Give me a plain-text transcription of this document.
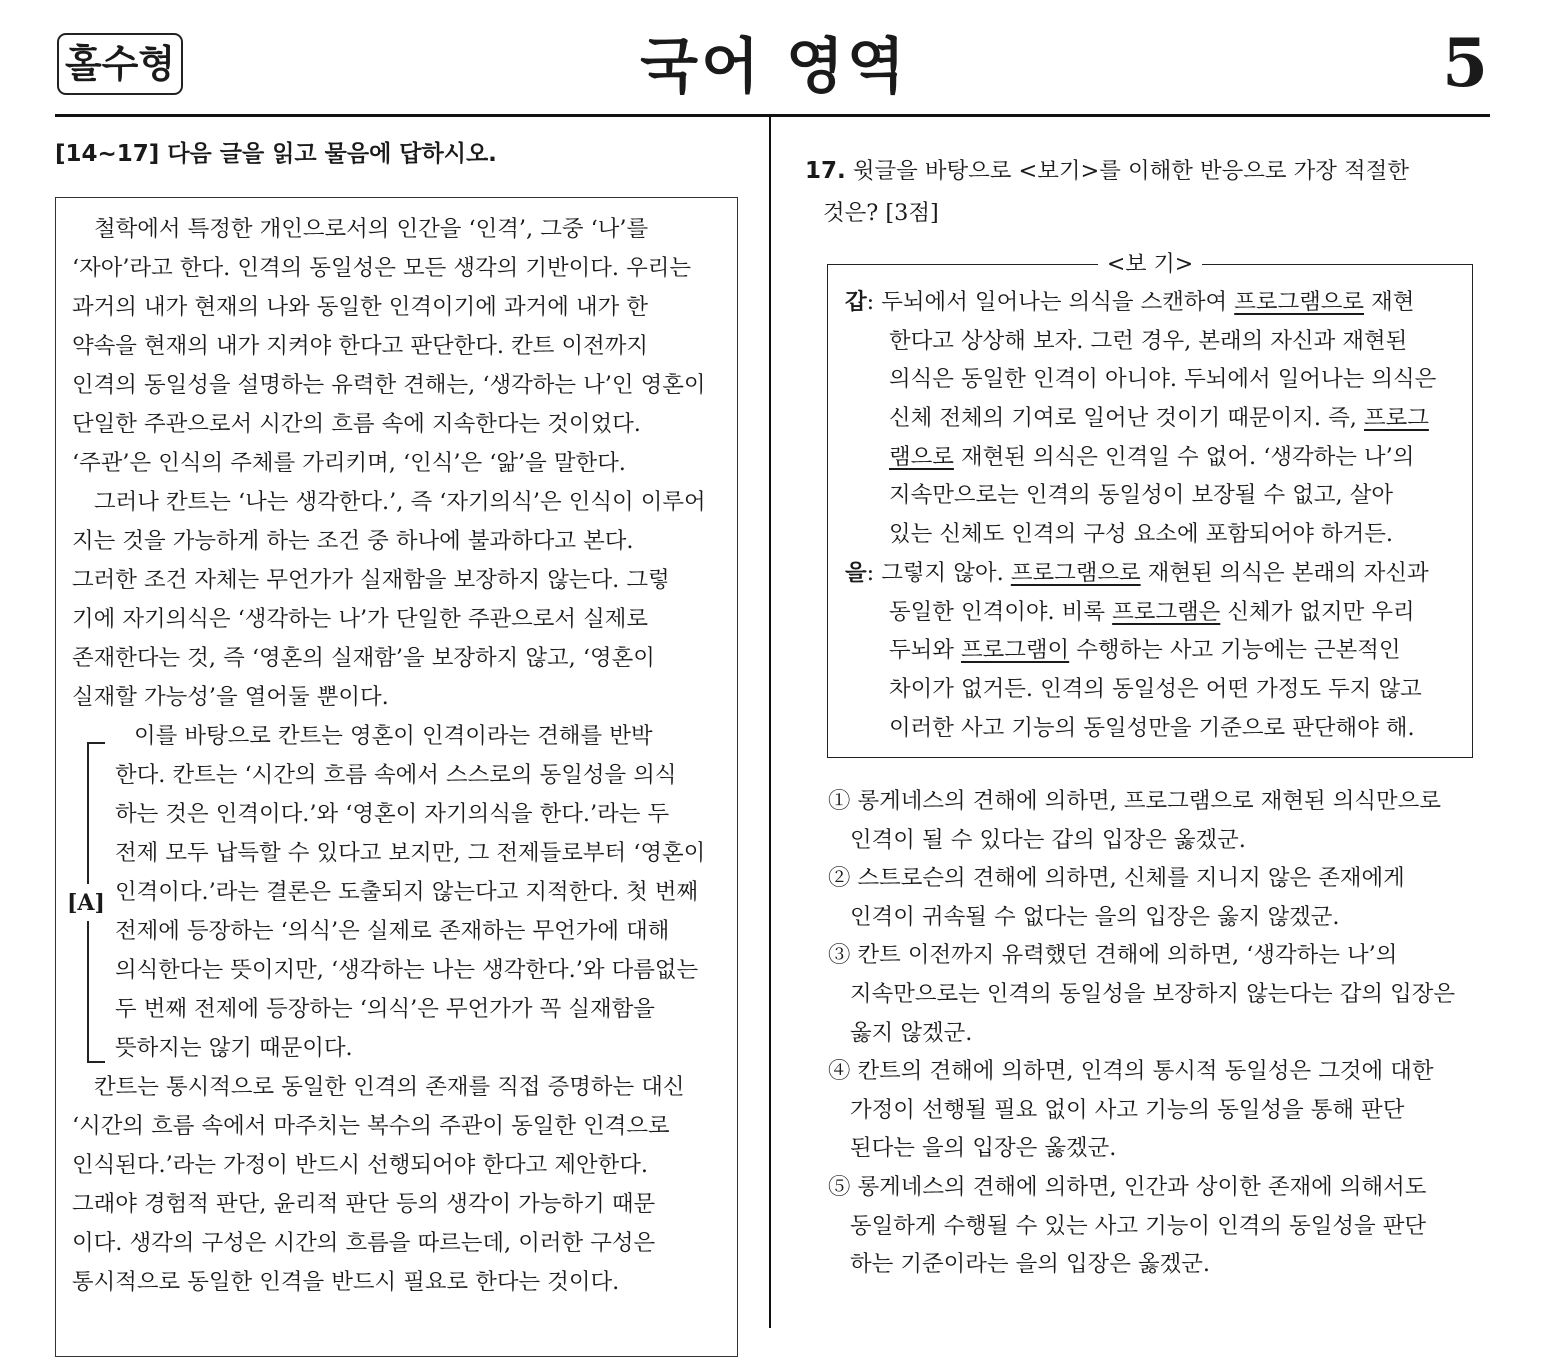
홀수형	국어 영역	5
[14~17] 다음 글을 읽고 물음에 답하시오.
[A]
철학에서 특정한 개인으로서의 인간을 ‘인격’, 그중 ‘나’를
‘자아’라고 한다. 인격의 동일성은 모든 생각의 기반이다. 우리는
과거의 내가 현재의 나와 동일한 인격이기에 과거에 내가 한
약속을 현재의 내가 지켜야 한다고 판단한다. 칸트 이전까지
인격의 동일성을 설명하는 유력한 견해는, ‘생각하는 나’인 영혼이
단일한 주관으로서 시간의 흐름 속에 지속한다는 것이었다.
‘주관’은 인식의 주체를 가리키며, ‘인식’은 ‘앎’을 말한다.
그러나 칸트는 ‘나는 생각한다.’, 즉 ‘자기의식’은 인식이 이루어
지는 것을 가능하게 하는 조건 중 하나에 불과하다고 본다.
그러한 조건 자체는 무언가가 실재함을 보장하지 않는다. 그렇
기에 자기의식은 ‘생각하는 나’가 단일한 주관으로서 실제로
존재한다는 것, 즉 ‘영혼의 실재함’을 보장하지 않고, ‘영혼이
실재할 가능성’을 열어둘 뿐이다.
이를 바탕으로 칸트는 영혼이 인격이라는 견해를 반박
한다. 칸트는 ‘시간의 흐름 속에서 스스로의 동일성을 의식
하는 것은 인격이다.’와 ‘영혼이 자기의식을 한다.’라는 두
전제 모두 납득할 수 있다고 보지만, 그 전제들로부터 ‘영혼이
인격이다.’라는 결론은 도출되지 않는다고 지적한다. 첫 번째
전제에 등장하는 ‘의식’은 실제로 존재하는 무언가에 대해
의식한다는 뜻이지만, ‘생각하는 나는 생각한다.’와 다름없는
두 번째 전제에 등장하는 ‘의식’은 무언가가 꼭 실재함을
뜻하지는 않기 때문이다.
칸트는 통시적으로 동일한 인격의 존재를 직접 증명하는 대신
‘시간의 흐름 속에서 마주치는 복수의 주관이 동일한 인격으로
인식된다.’라는 가정이 반드시 선행되어야 한다고 제안한다.
그래야 경험적 판단, 윤리적 판단 등의 생각이 가능하기 때문
이다. 생각의 구성은 시간의 흐름을 따르는데, 이러한 구성은
통시적으로 동일한 인격을 반드시 필요로 한다는 것이다.
17. 윗글을 바탕으로 <보기>를 이해한 반응으로 가장 적절한
것은? [3점]
<보 기>
갑: 두뇌에서 일어나는 의식을 스캔하여 프로그램으로 재현
한다고 상상해 보자. 그런 경우, 본래의 자신과 재현된
의식은 동일한 인격이 아니야. 두뇌에서 일어나는 의식은
신체 전체의 기여로 일어난 것이기 때문이지. 즉, 프로그
램으로 재현된 의식은 인격일 수 없어. ‘생각하는 나’의
지속만으로는 인격의 동일성이 보장될 수 없고, 살아
있는 신체도 인격의 구성 요소에 포함되어야 하거든.
을: 그렇지 않아. 프로그램으로 재현된 의식은 본래의 자신과
동일한 인격이야. 비록 프로그램은 신체가 없지만 우리
두뇌와 프로그램이 수행하는 사고 기능에는 근본적인
차이가 없거든. 인격의 동일성은 어떤 가정도 두지 않고
이러한 사고 기능의 동일성만을 기준으로 판단해야 해.
① 롱게네스의 견해에 의하면, 프로그램으로 재현된 의식만으로
인격이 될 수 있다는 갑의 입장은 옳겠군.
② 스트로슨의 견해에 의하면, 신체를 지니지 않은 존재에게
인격이 귀속될 수 없다는 을의 입장은 옳지 않겠군.
③ 칸트 이전까지 유력했던 견해에 의하면, ‘생각하는 나’의
지속만으로는 인격의 동일성을 보장하지 않는다는 갑의 입장은
옳지 않겠군.
④ 칸트의 견해에 의하면, 인격의 통시적 동일성은 그것에 대한
가정이 선행될 필요 없이 사고 기능의 동일성을 통해 판단
된다는 을의 입장은 옳겠군.
⑤ 롱게네스의 견해에 의하면, 인간과 상이한 존재에 의해서도
동일하게 수행될 수 있는 사고 기능이 인격의 동일성을 판단
하는 기준이라는 을의 입장은 옳겠군.
